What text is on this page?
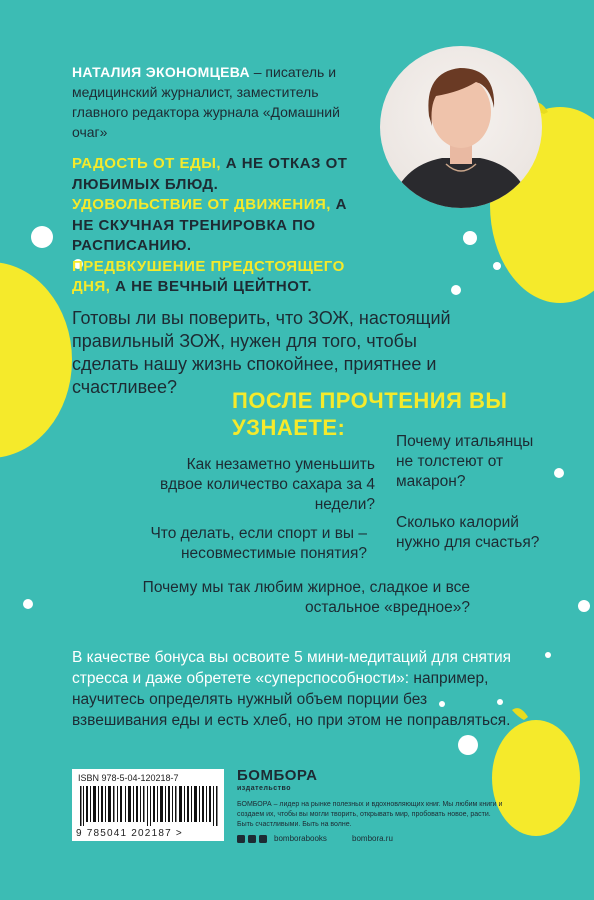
НАТАЛИЯ ЭКОНОМЦЕВА – писатель и медицинский журналист, заместитель главного редактора журнала «Домашний очаг»

РАДОСТЬ ОТ ЕДЫ, А НЕ ОТКАЗ ОТ ЛЮБИМЫХ БЛЮД.

УДОВОЛЬСТВИЕ ОТ ДВИЖЕНИЯ, А НЕ СКУЧНАЯ ТРЕНИРОВКА ПО РАСПИСАНИЮ.

ПРЕДВКУШЕНИЕ ПРЕДСТОЯЩЕГО ДНЯ, А НЕ ВЕЧНЫЙ ЦЕЙТНОТ.

Готовы ли вы поверить, что ЗОЖ, настоящий правильный ЗОЖ, нужен для того, чтобы сделать нашу жизнь спокойнее, приятнее и счастливее?
ПОСЛЕ ПРОЧТЕНИЯ ВЫ УЗНАЕТЕ:
Почему итальянцы не толстеют от макарон?
Как незаметно уменьшить вдвое количество сахара за 4 недели?
Сколько калорий нужно для счастья?
Что делать, если спорт и вы – несовместимые понятия?
Почему мы так любим жирное, сладкое и все остальное «вредное»?
В качестве бонуса вы освоите 5 мини-медитаций для снятия стресса и даже обретете «суперспособности»: например, научитесь определять нужный объем порции без взвешивания еды и есть хлеб, но при этом не поправляться.
ISBN 978-5-04-120218-7
9 785041 202187 >
БОМБОРА
издательство
БОМБОРА – лидер на рынке полезных и вдохновляющих книг. Мы любим книги и создаем их, чтобы вы могли творить, открывать мир, пробовать новое, расти. Быть счастливыми. Быть на волне.
bomborabooks	bombora.ru
